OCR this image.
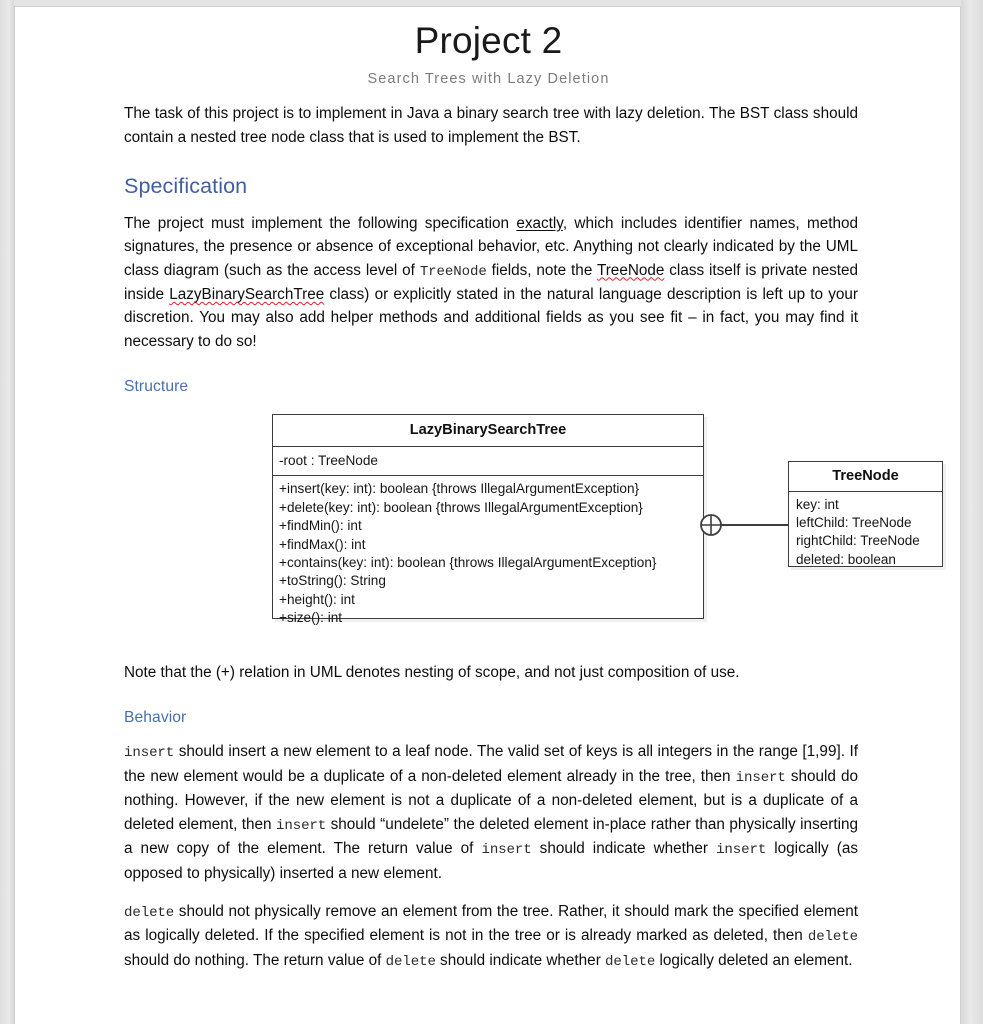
Project 2
Search Trees with Lazy Deletion

The task of this project is to implement in Java a binary search tree with lazy deletion. The BST class should contain a nested tree node class that is used to implement the BST.

Specification

The project must implement the following specification exactly, which includes identifier names, method signatures, the presence or absence of exceptional behavior, etc. Anything not clearly indicated by the UML class diagram (such as the access level of TreeNode fields, note the TreeNode class itself is private nested inside LazyBinarySearchTree class) or explicitly stated in the natural language description is left up to your discretion. You may also add helper methods and additional fields as you see fit – in fact, you may find it necessary to do so!

Structure
LazyBinarySearchTree
-root : TreeNode
+insert(key: int): boolean {throws IllegalArgumentException}
+delete(key: int): boolean {throws IllegalArgumentException}
+findMin(): int
+findMax(): int
+contains(key: int): boolean {throws IllegalArgumentException}
+toString(): String
+height(): int
+size(): int
TreeNode
key: int
leftChild: TreeNode
rightChild: TreeNode
deleted: boolean

Note that the (+) relation in UML denotes nesting of scope, and not just composition of use.

Behavior

insert should insert a new element to a leaf node. The valid set of keys is all integers in the range [1,99]. If the new element would be a duplicate of a non-deleted element already in the tree, then insert should do nothing. However, if the new element is not a duplicate of a non-deleted element, but is a duplicate of a deleted element, then insert should “undelete” the deleted element in-place rather than physically inserting a new copy of the element. The return value of insert should indicate whether insert logically (as opposed to physically) inserted a new element.

delete should not physically remove an element from the tree. Rather, it should mark the specified element as logically deleted. If the specified element is not in the tree or is already marked as deleted, then delete should do nothing. The return value of delete should indicate whether delete logically deleted an element.
